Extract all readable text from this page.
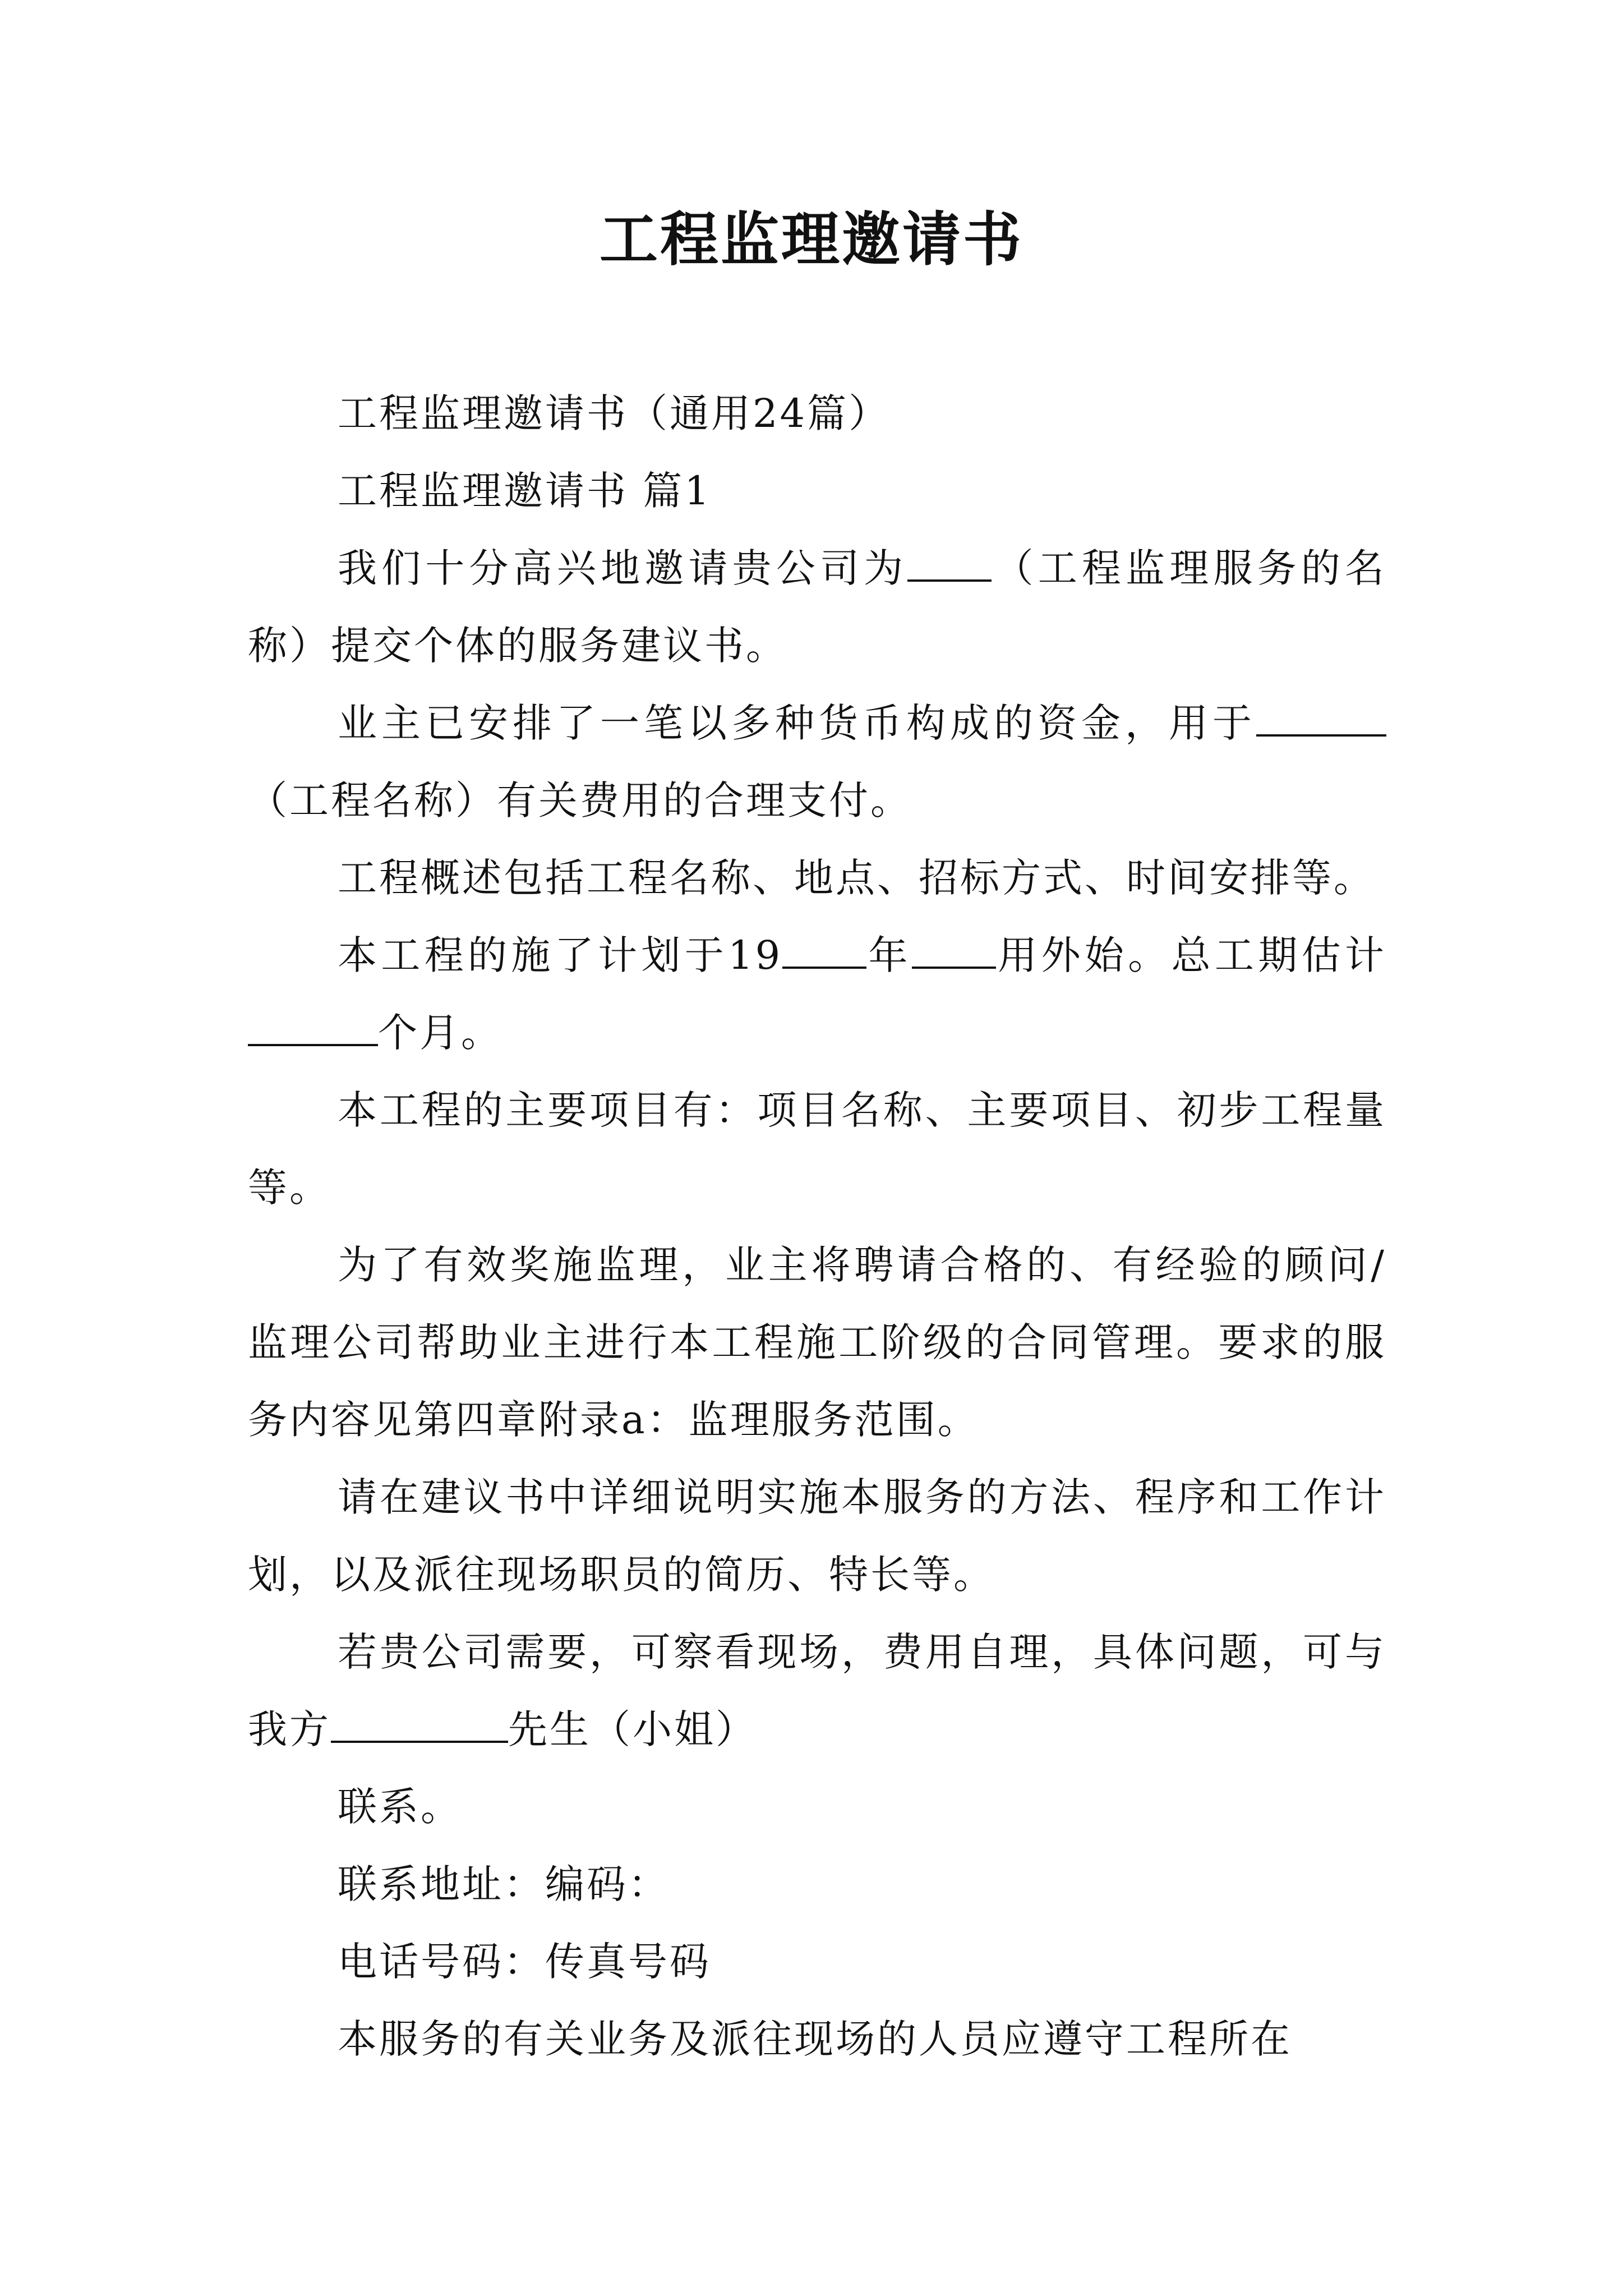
工程监理邀请书

工程监理邀请书（通用24篇）

工程监理邀请书 篇1

我们十分高兴地邀请贵公司为 （工程监理服务的名称）提交个体的服务建议书。

业主已安排了一笔以多种货币构成的资金，用于（工程名称）有关费用的合理支付。

工程概述包括工程名称、地点、招标方式、时间安排等。

本工程的施了计划于19 年 用外始。总工期估计个月。

本工程的主要项目有：项目名称、主要项目、初步工程量等。

为了有效奖施监理，业主将聘请合格的、有经验的顾问/监理公司帮助业主进行本工程施工阶级的合同管理。要求的服务内容见第四章附录a：监理服务范围。

请在建议书中详细说明实施本服务的方法、程序和工作计划，以及派往现场职员的简历、特长等。

若贵公司需要，可察看现场，费用自理，具体问题，可与我方	先生（小姐）

联系。

联系地址：编码：

电话号码：传真号码

本服务的有关业务及派往现场的人员应遵守工程所在
